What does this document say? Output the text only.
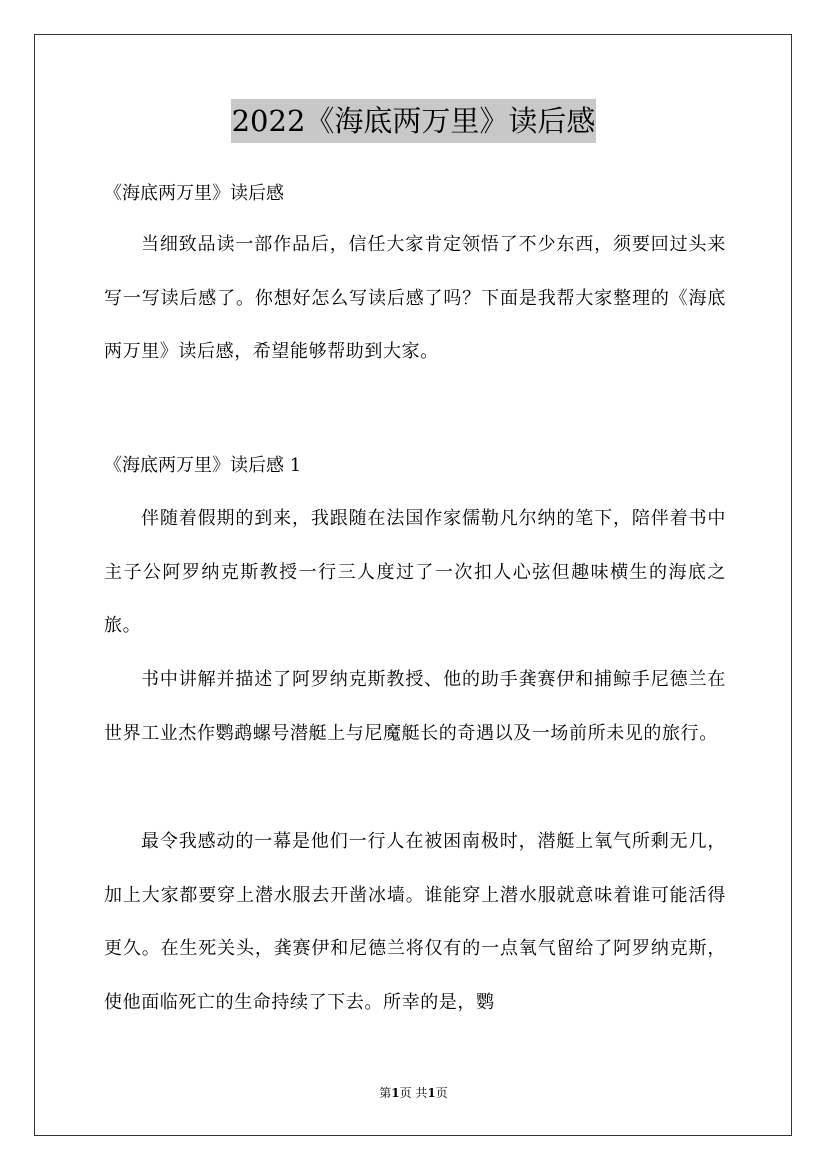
2022《海底两万里》读后感
《海底两万里》读后感
当细致品读一部作品后，信任大家肯定领悟了不少东西，须要回过头来写一写读后感了。你想好怎么写读后感了吗？下面是我帮大家整理的《海底两万里》读后感，希望能够帮助到大家。
《海底两万里》读后感 1
伴随着假期的到来，我跟随在法国作家儒勒凡尔纳的笔下，陪伴着书中主子公阿罗纳克斯教授一行三人度过了一次扣人心弦但趣味横生的海底之旅。
书中讲解并描述了阿罗纳克斯教授、他的助手龚赛伊和捕鲸手尼德兰在世界工业杰作鹦鹉螺号潜艇上与尼魔艇长的奇遇以及一场前所未见的旅行。
最令我感动的一幕是他们一行人在被困南极时，潜艇上氧气所剩无几，加上大家都要穿上潜水服去开凿冰墙。谁能穿上潜水服就意味着谁可能活得更久。在生死关头，龚赛伊和尼德兰将仅有的一点氧气留给了阿罗纳克斯，使他面临死亡的生命持续了下去。所幸的是，鹦
第1页 共1页
